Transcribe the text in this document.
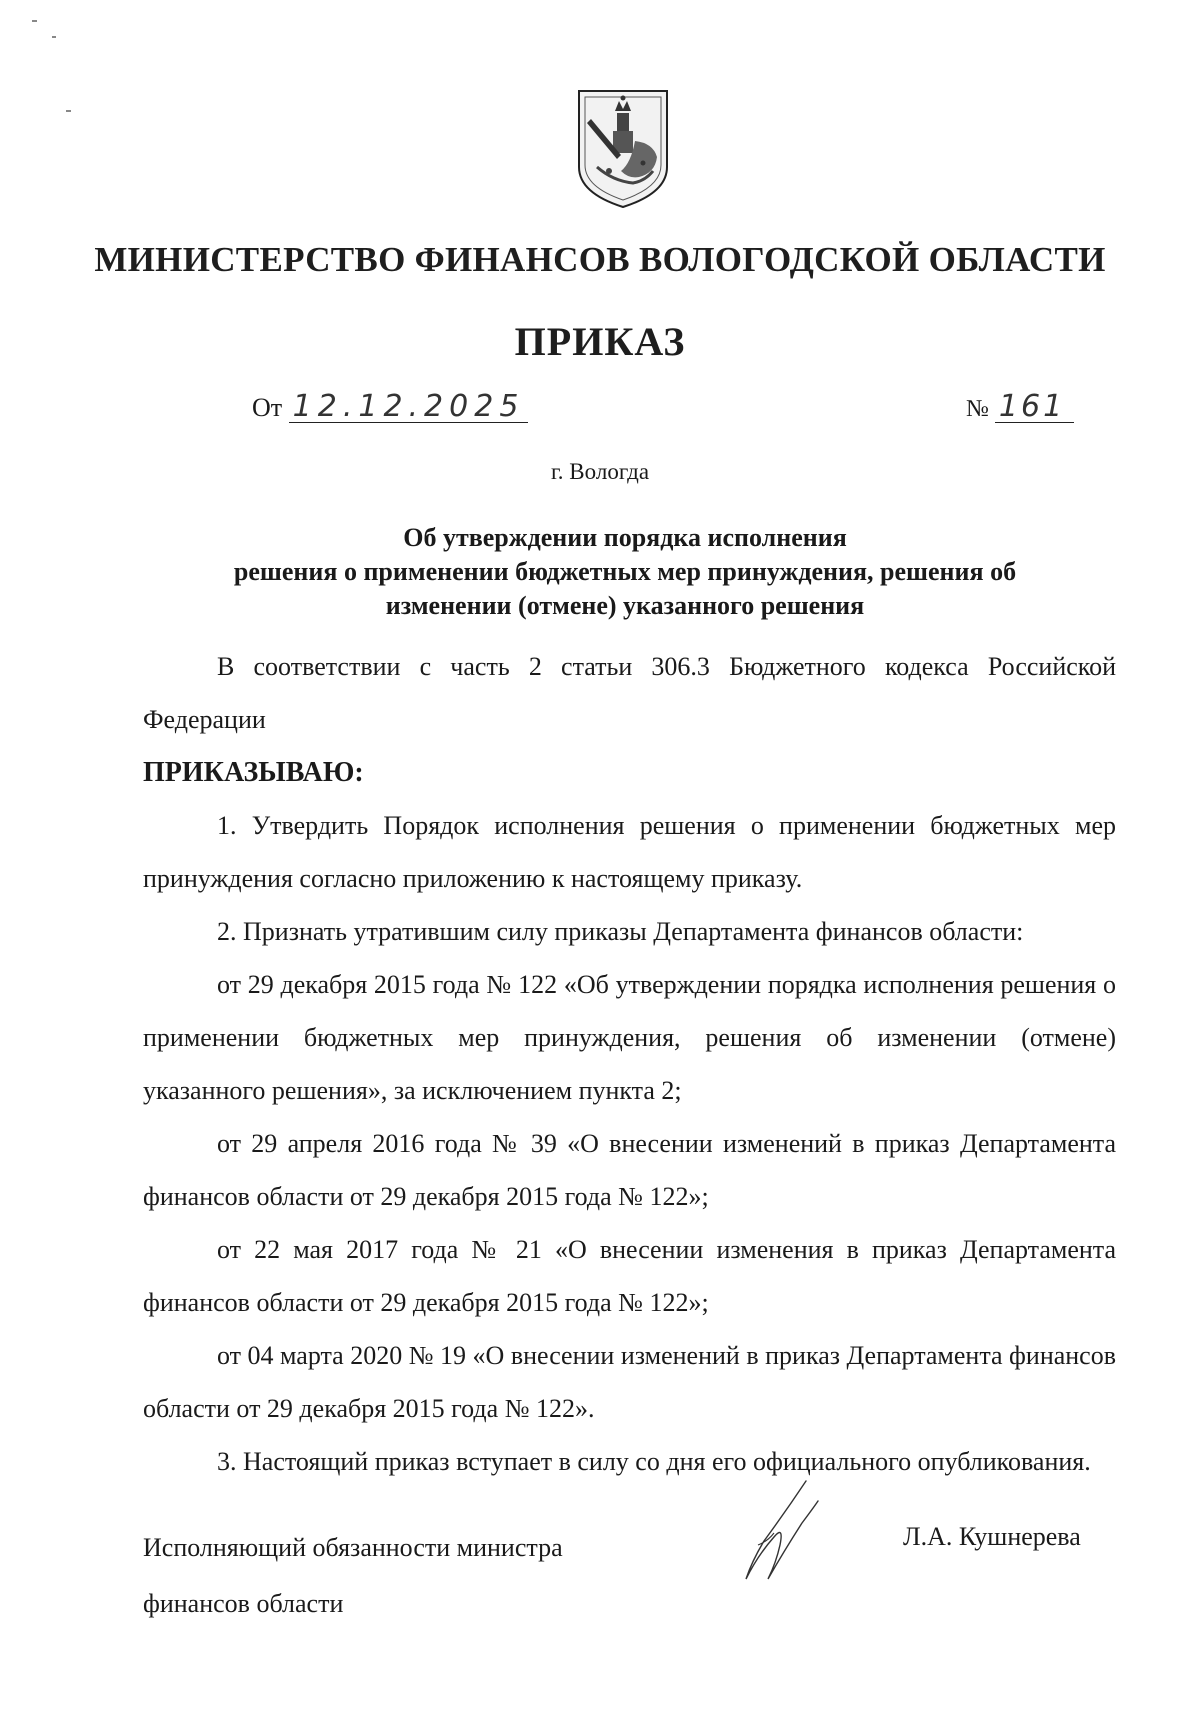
МИНИСТЕРСТВО ФИНАНСОВ ВОЛОГОДСКОЙ ОБЛАСТИ
ПРИКАЗ
От 12.12.2025	№ 161
г. Вологда
Об утверждении порядка исполнения
решения о применении бюджетных мер принуждения, решения об
изменении (отмене) указанного решения

В соответствии с часть 2 статьи 306.3 Бюджетного кодекса Российской Федерации

ПРИКАЗЫВАЮ:

1. Утвердить Порядок исполнения решения о применении бюджетных мер принуждения согласно приложению к настоящему приказу.

2. Признать утратившим силу приказы Департамента финансов области:

от 29 декабря 2015 года № 122 «Об утверждении порядка исполнения решения о применении бюджетных мер принуждения, решения об изменении (отмене) указанного решения», за исключением пункта 2;

от 29 апреля 2016 года № 39 «О внесении изменений в приказ Департамента финансов области от 29 декабря 2015 года № 122»;

от 22 мая 2017 года № 21 «О внесении изменения в приказ Департамента финансов области от 29 декабря 2015 года № 122»;

от 04 марта 2020 № 19 «О внесении изменений в приказ Департамента финансов области от 29 декабря 2015 года № 122».

3. Настоящий приказ вступает в силу со дня его официального опубликования.

Исполняющий обязанности министра
финансов области
Л.А. Кушнерева
